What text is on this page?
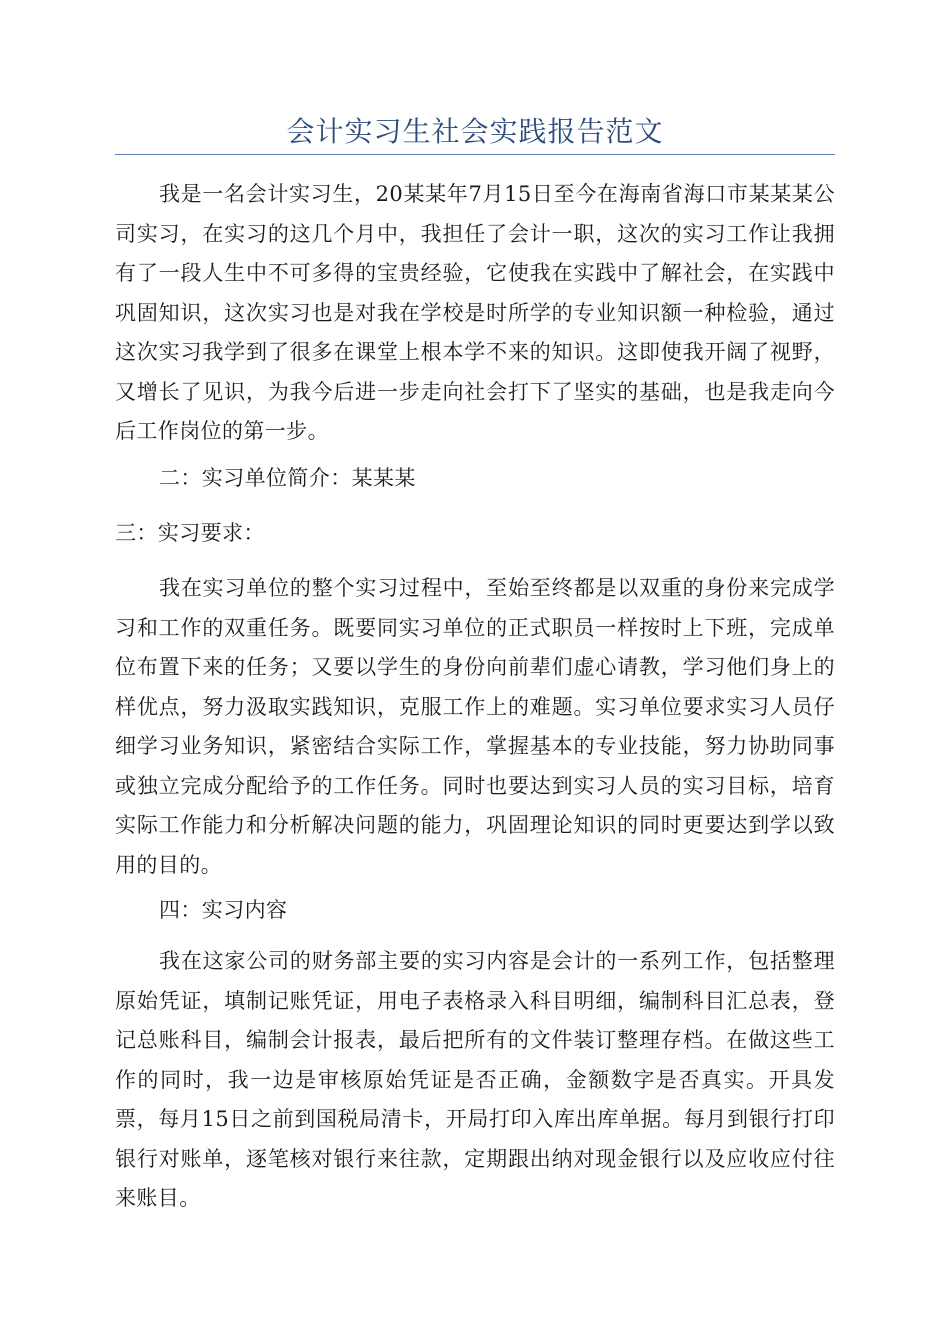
会计实习生社会实践报告范文

我是一名会计实习生，20某某年7月15日至今在海南省海口市某某某公司实习，在实习的这几个月中，我担任了会计一职，这次的实习工作让我拥有了一段人生中不可多得的宝贵经验，它使我在实践中了解社会，在实践中巩固知识，这次实习也是对我在学校是时所学的专业知识额一种检验，通过这次实习我学到了很多在课堂上根本学不来的知识。这即使我开阔了视野，又增长了见识，为我今后进一步走向社会打下了坚实的基础，也是我走向今后工作岗位的第一步。

二：实习单位简介：某某某

三：实习要求：

我在实习单位的整个实习过程中，至始至终都是以双重的身份来完成学习和工作的双重任务。既要同实习单位的正式职员一样按时上下班，完成单位布置下来的任务；又要以学生的身份向前辈们虚心请教，学习他们身上的样优点，努力汲取实践知识，克服工作上的难题。实习单位要求实习人员仔细学习业务知识，紧密结合实际工作，掌握基本的专业技能，努力协助同事或独立完成分配给予的工作任务。同时也要达到实习人员的实习目标，培育实际工作能力和分析解决问题的能力，巩固理论知识的同时更要达到学以致用的目的。

四：实习内容

我在这家公司的财务部主要的实习内容是会计的一系列工作，包括整理原始凭证，填制记账凭证，用电子表格录入科目明细，编制科目汇总表，登记总账科目，编制会计报表，最后把所有的文件装订整理存档。在做这些工作的同时，我一边是审核原始凭证是否正确，金额数字是否真实。开具发票，每月15日之前到国税局清卡，开局打印入库出库单据。每月到银行打印银行对账单，逐笔核对银行来往款，定期跟出纳对现金银行以及应收应付往来账目。
